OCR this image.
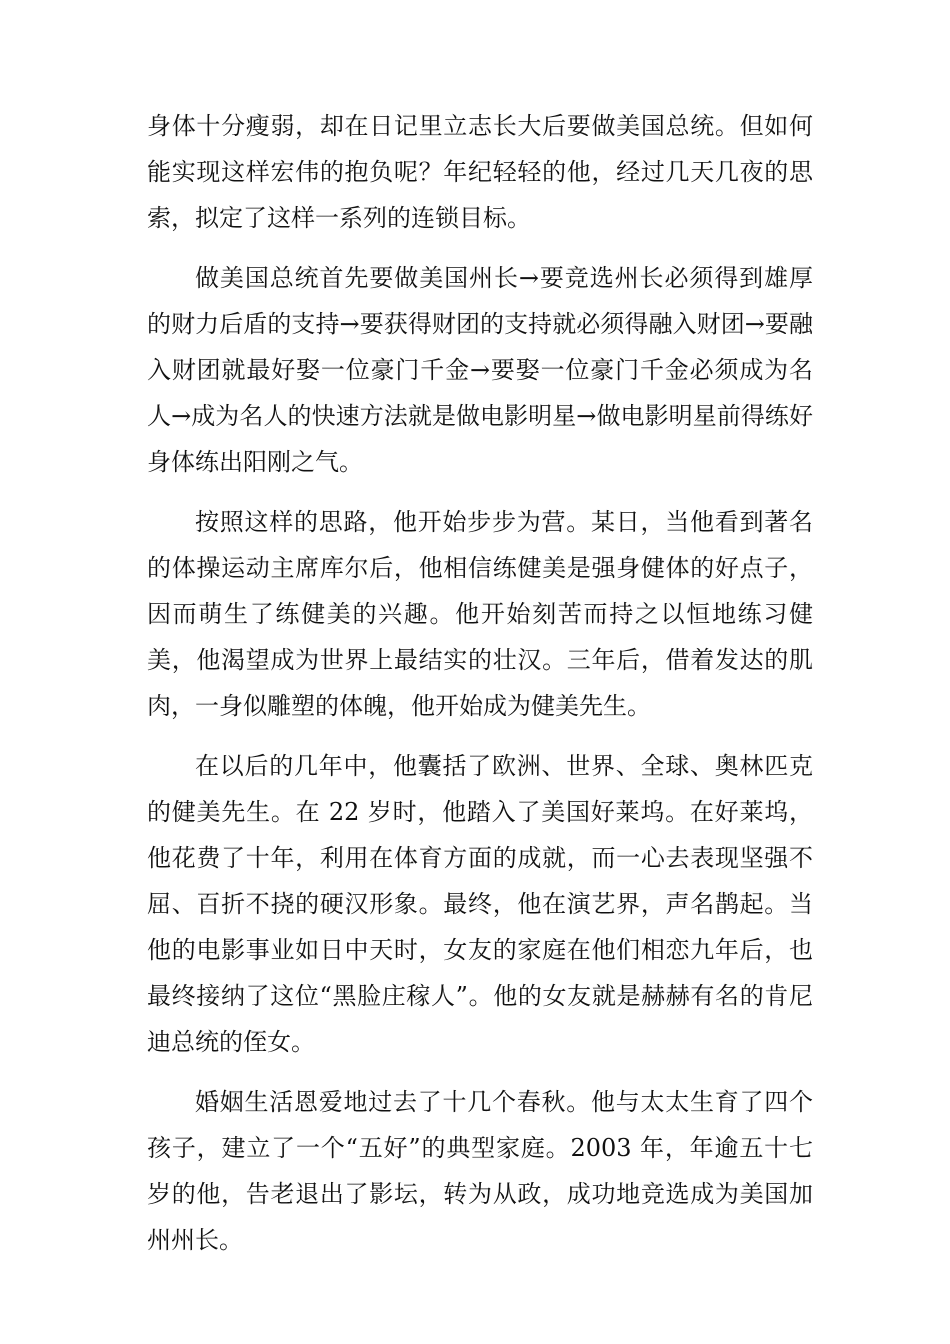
身体十分瘦弱，却在日记里立志长大后要做美国总统。但如何能实现这样宏伟的抱负呢？年纪轻轻的他，经过几天几夜的思索，拟定了这样一系列的连锁目标。

做美国总统首先要做美国州长→要竞选州长必须得到雄厚的财力后盾的支持→要获得财团的支持就必须得融入财团→要融入财团就最好娶一位豪门千金→要娶一位豪门千金必须成为名人→成为名人的快速方法就是做电影明星→做电影明星前得练好身体练出阳刚之气。

按照这样的思路，他开始步步为营。某日，当他看到著名的体操运动主席库尔后，他相信练健美是强身健体的好点子，因而萌生了练健美的兴趣。他开始刻苦而持之以恒地练习健美，他渴望成为世界上最结实的壮汉。三年后，借着发达的肌肉，一身似雕塑的体魄，他开始成为健美先生。

在以后的几年中，他囊括了欧洲、世界、全球、奥林匹克的健美先生。在 22 岁时，他踏入了美国好莱坞。在好莱坞，他花费了十年，利用在体育方面的成就，而一心去表现坚强不屈、百折不挠的硬汉形象。最终，他在演艺界，声名鹊起。当他的电影事业如日中天时，女友的家庭在他们相恋九年后，也最终接纳了这位“黑脸庄稼人”。他的女友就是赫赫有名的肯尼迪总统的侄女。

婚姻生活恩爱地过去了十几个春秋。他与太太生育了四个孩子，建立了一个“五好”的典型家庭。2003 年，年逾五十七岁的他，告老退出了影坛，转为从政，成功地竞选成为美国加州州长。
